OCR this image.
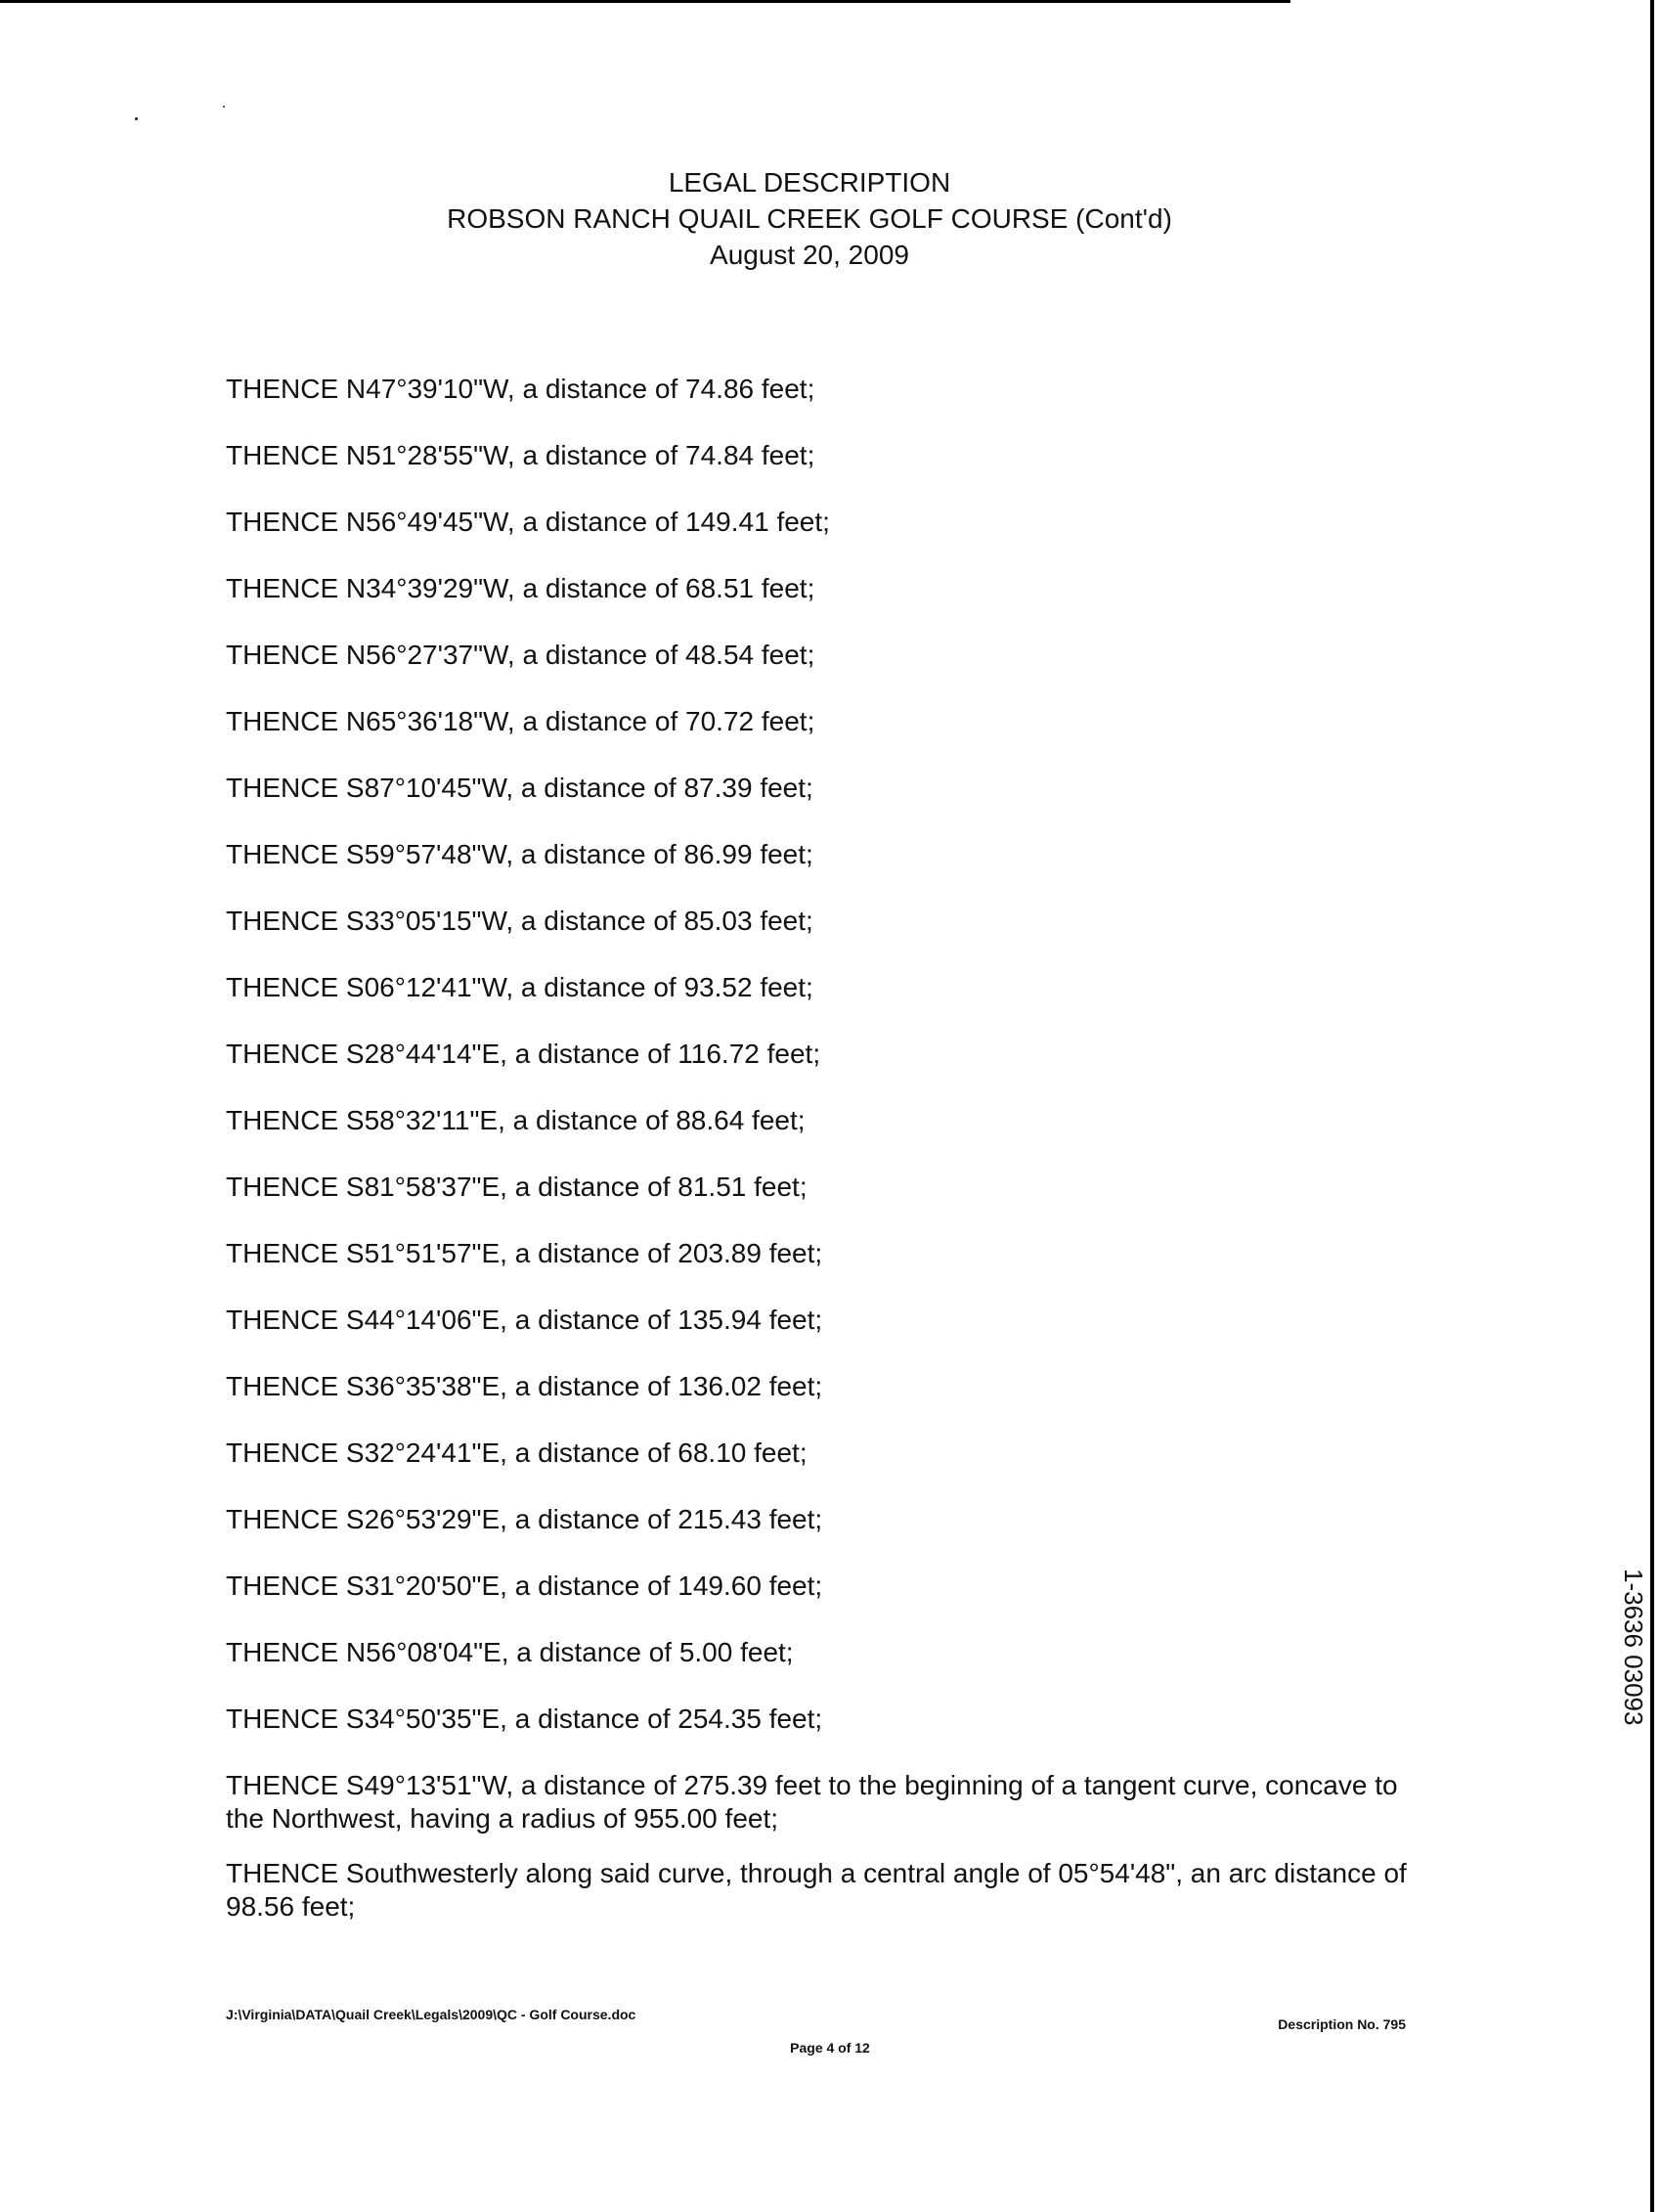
LEGAL DESCRIPTION
ROBSON RANCH QUAIL CREEK GOLF COURSE (Cont'd)
August 20, 2009
THENCE N47°39'10"W, a distance of 74.86 feet;
THENCE N51°28'55"W, a distance of 74.84 feet;
THENCE N56°49'45"W, a distance of 149.41 feet;
THENCE N34°39'29"W, a distance of 68.51 feet;
THENCE N56°27'37"W, a distance of 48.54 feet;
THENCE N65°36'18"W, a distance of 70.72 feet;
THENCE S87°10'45"W, a distance of 87.39 feet;
THENCE S59°57'48"W, a distance of 86.99 feet;
THENCE S33°05'15"W, a distance of 85.03 feet;
THENCE S06°12'41"W, a distance of 93.52 feet;
THENCE S28°44'14"E, a distance of 116.72 feet;
THENCE S58°32'11"E, a distance of 88.64 feet;
THENCE S81°58'37"E, a distance of 81.51 feet;
THENCE S51°51'57"E, a distance of 203.89 feet;
THENCE S44°14'06"E, a distance of 135.94 feet;
THENCE S36°35'38"E, a distance of 136.02 feet;
THENCE S32°24'41"E, a distance of 68.10 feet;
THENCE S26°53'29"E, a distance of 215.43 feet;
THENCE S31°20'50"E, a distance of 149.60 feet;
THENCE N56°08'04"E, a distance of 5.00 feet;
THENCE S34°50'35"E, a distance of 254.35 feet;
THENCE S49°13'51"W, a distance of 275.39 feet to the beginning of a tangent curve, concave to the Northwest, having a radius of 955.00 feet;
THENCE Southwesterly along said curve, through a central angle of 05°54'48", an arc distance of 98.56 feet;
J:\Virginia\DATA\Quail Creek\Legals\2009\QC - Golf Course.doc
Page 4 of 12
Description No. 795
1-3636 03093
